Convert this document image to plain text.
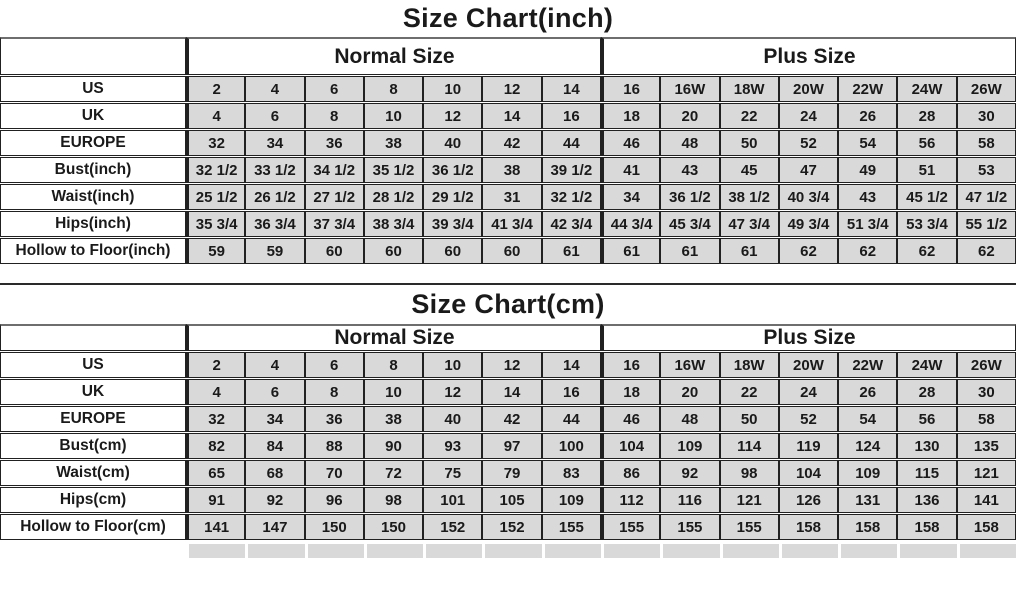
Size Chart(inch)
	Normal Size							Plus Size						
US	2	4	6	8	10	12	14	16	16W	18W	20W	22W	24W	26W
UK	4	6	8	10	12	14	16	18	20	22	24	26	28	30
EUROPE	32	34	36	38	40	42	44	46	48	50	52	54	56	58
Bust(inch)	32 1/2	33 1/2	34 1/2	35 1/2	36 1/2	38	39 1/2	41	43	45	47	49	51	53
Waist(inch)	25 1/2	26 1/2	27 1/2	28 1/2	29 1/2	31	32 1/2	34	36 1/2	38 1/2	40 3/4	43	45 1/2	47 1/2
Hips(inch)	35 3/4	36 3/4	37 3/4	38 3/4	39 3/4	41 3/4	42 3/4	44 3/4	45 3/4	47 3/4	49 3/4	51 3/4	53 3/4	55 1/2
Hollow to Floor(inch)	59	59	60	60	60	60	61	61	61	61	62	62	62	62
Size Chart(cm)
	Normal Size							Plus Size						
US	2	4	6	8	10	12	14	16	16W	18W	20W	22W	24W	26W
UK	4	6	8	10	12	14	16	18	20	22	24	26	28	30
EUROPE	32	34	36	38	40	42	44	46	48	50	52	54	56	58
Bust(cm)	82	84	88	90	93	97	100	104	109	114	119	124	130	135
Waist(cm)	65	68	70	72	75	79	83	86	92	98	104	109	115	121
Hips(cm)	91	92	96	98	101	105	109	112	116	121	126	131	136	141
Hollow to Floor(cm)	141	147	150	150	152	152	155	155	155	155	158	158	158	158
